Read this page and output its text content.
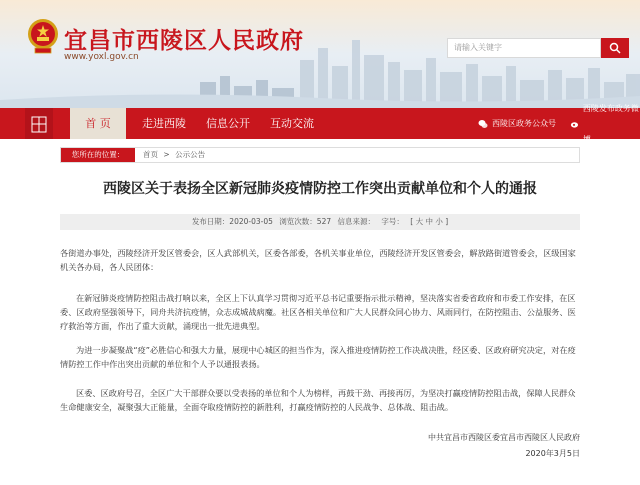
宜昌市西陵区人民政府
www.yoxl.gov.cn
请输入关键字
首 页	走进西陵	信息公开	互动交流	西陵区政务公众号
西陵发布政务微博
您所在的位置：	首页 > 公示公告
西陵区关于表扬全区新冠肺炎疫情防控工作突出贡献单位和个人的通报
发布日期：2020-03-05 浏览次数：527 信息来源： 字号： [ 大 中 小 ]
各街道办事处，西陵经济开发区管委会，区人武部机关，区委各部委，各机关事业单位，西陵经济开发区管委会，解放路街道管委会，区级国家机关各办局，各人民团体：
在新冠肺炎疫情防控阻击战打响以来，全区上下认真学习贯彻习近平总书记重要指示批示精神，坚决落实省委省政府和市委工作安排，在区委、区政府坚强领导下，同舟共济抗疫情，众志成城战病魔。社区各相关单位和广大人民群众同心协力、风雨同行，在防控阻击、公益服务、医疗救治等方面，作出了重大贡献，涌现出一批先进典型。
为进一步凝聚战“疫”必胜信心和强大力量，展现中心城区的担当作为，深入推进疫情防控工作决战决胜，经区委、区政府研究决定，对在疫情防控工作中作出突出贡献的单位和个人予以通报表扬。
区委、区政府号召，全区广大干部群众要以受表扬的单位和个人为榜样，再鼓干劲、再接再厉，为坚决打赢疫情防控阻击战，保障人民群众生命健康安全，凝聚强大正能量，全面夺取疫情防控的新胜利，打赢疫情防控的人民战争、总体战、阻击战。
中共宜昌市西陵区委宜昌市西陵区人民政府
2020年3月5日
